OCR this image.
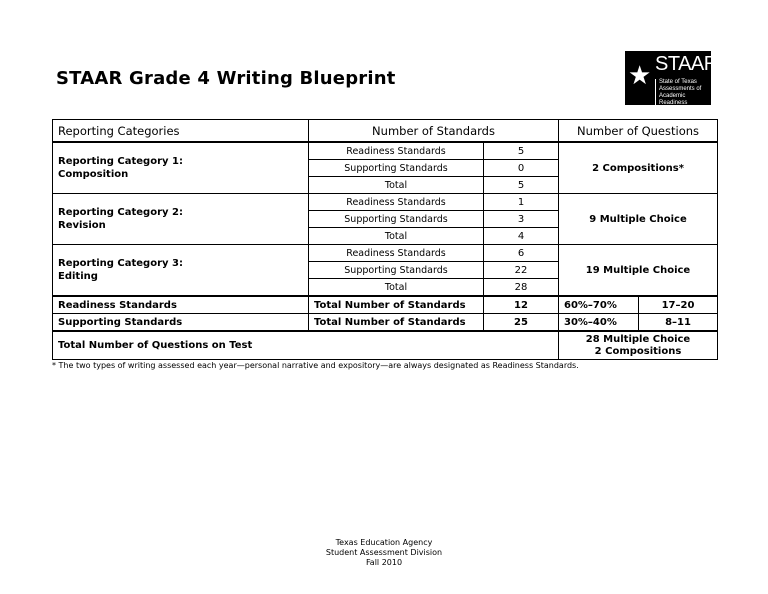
STAAR Grade 4 Writing Blueprint	★ STAAR
State of Texas
Assessments of
Academic Readiness
Reporting Categories	Number of Standards		Number of Questions	

Reporting Category 1:
Composition	Readiness Standards	5	2 Compositions*	
	Supporting Standards	0		
	Total	5		

Reporting Category 2:
Revision	Readiness Standards	1	9 Multiple Choice	
	Supporting Standards	3		
	Total	4		

Reporting Category 3:
Editing	Readiness Standards	6	19 Multiple Choice	
	Supporting Standards	22		
	Total	28		
Readiness Standards	Total Number of Standards	12	60%–70%	17–20
Supporting Standards	Total Number of Standards	25	30%–40%	8–11
Total Number of Questions on Test			28 Multiple Choice
2 Compositions	
* The two types of writing assessed each year—personal narrative and expository—are always designated as Readiness Standards.
Texas Education Agency
Student Assessment Division
Fall 2010
